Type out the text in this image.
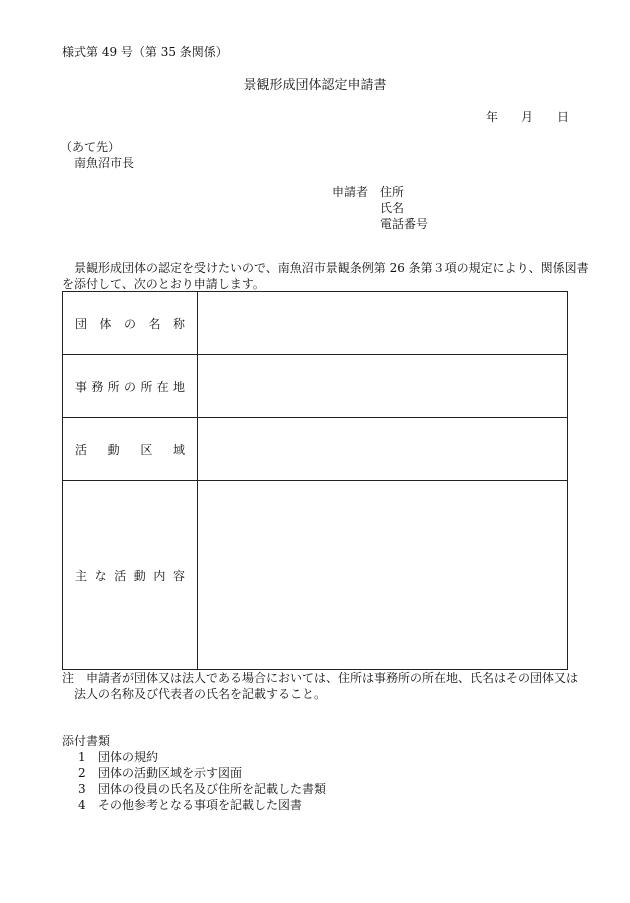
様式第 49 号（第 35 条関係）
景観形成団体認定申請書
年 月 日
（あて先）
南魚沼市長
申請者 住所
氏名
電話番号
景観形成団体の認定を受けたいので、南魚沼市景観条例第 26 条第３項の規定により、関係図書
を添付して、次のとおり申請します。
団体の名称	
事務所の所在地	
活動区域	
主な活動内容	
注　申請者が団体又は法人である場合においては、住所は事務所の所在地、氏名はその団体又は
法人の名称及び代表者の氏名を記載すること。
添付書類
1 団体の規約
2 団体の活動区域を示す図面
3 団体の役員の氏名及び住所を記載した書類
4 その他参考となる事項を記載した図書
